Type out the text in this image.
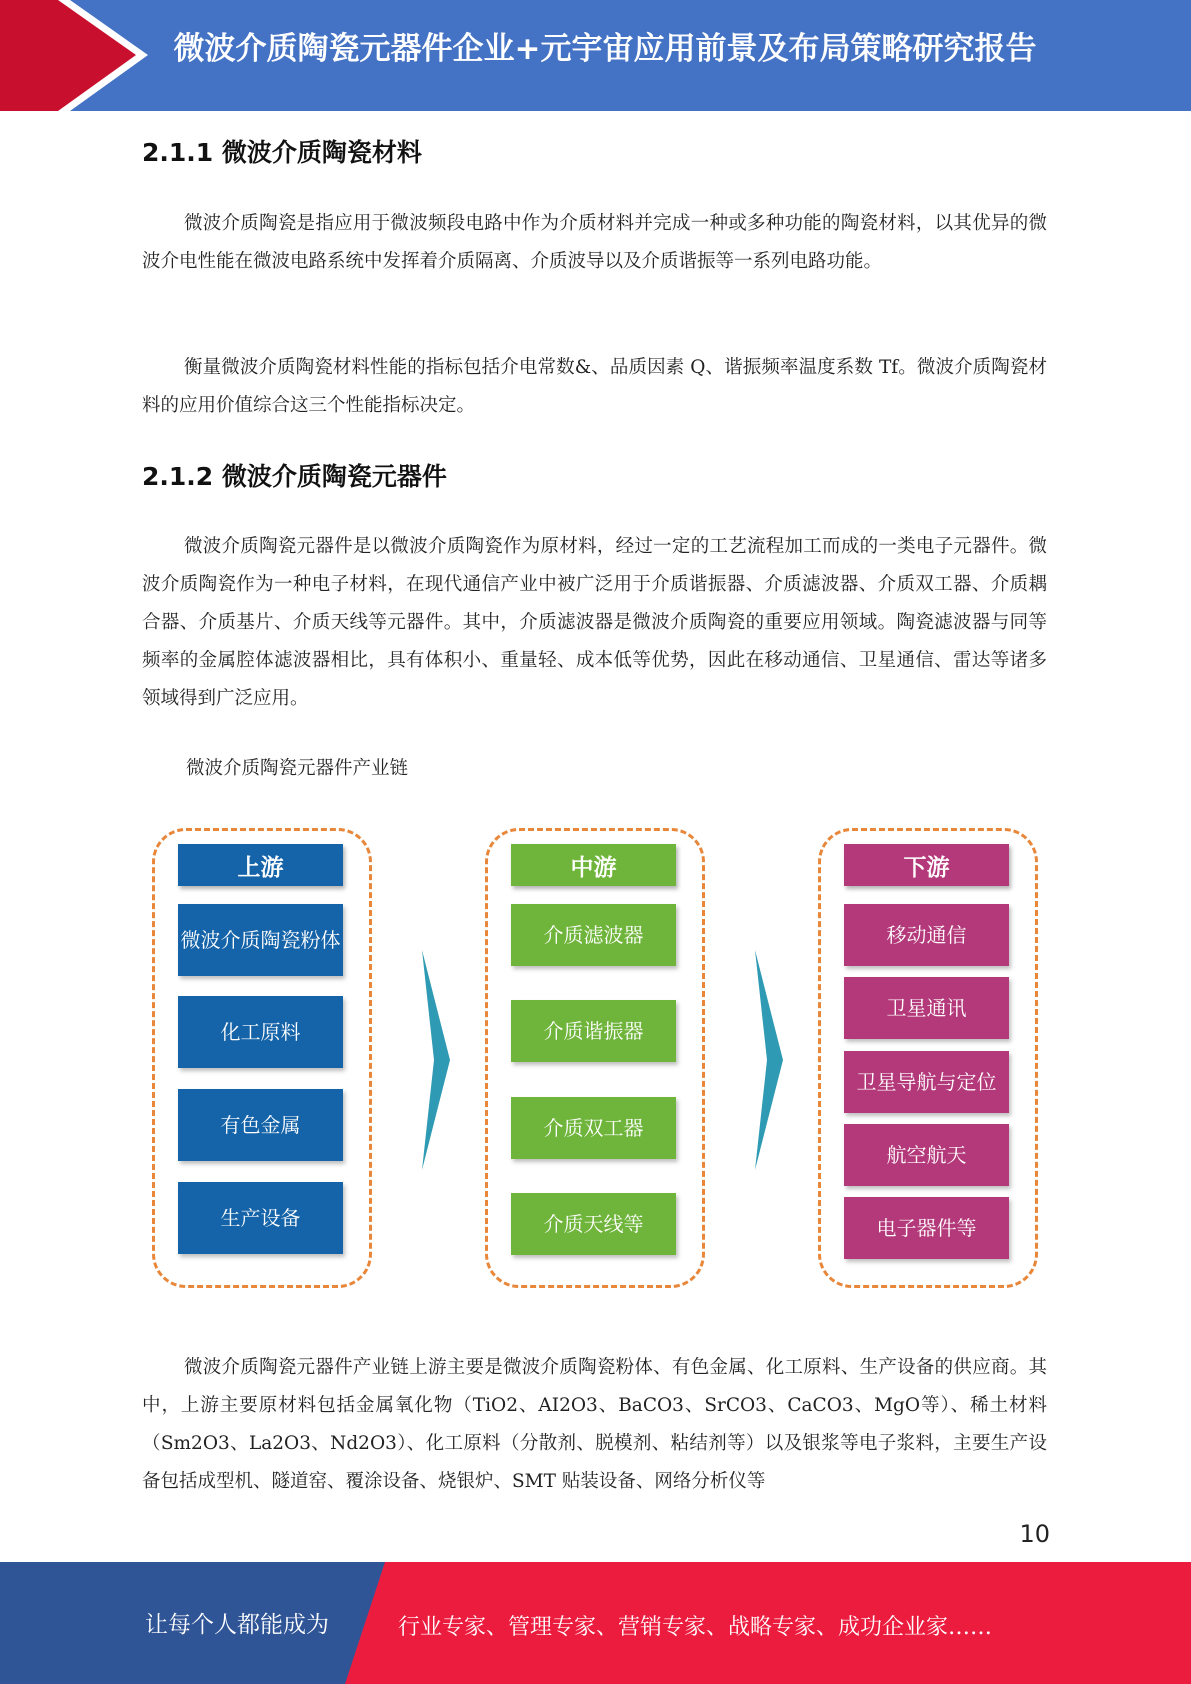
微波介质陶瓷元器件企业+元宇宙应用前景及布局策略研究报告
2.1.1 微波介质陶瓷材料
微波介质陶瓷是指应用于微波频段电路中作为介质材料并完成一种或多种功能的陶瓷材料，以其优异的微波介电性能在微波电路系统中发挥着介质隔离、介质波导以及介质谐振等一系列电路功能。
衡量微波介质陶瓷材料性能的指标包括介电常数&、品质因素 Q、谐振频率温度系数 Tf。微波介质陶瓷材料的应用价值综合这三个性能指标决定。
2.1.2 微波介质陶瓷元器件
微波介质陶瓷元器件是以微波介质陶瓷作为原材料，经过一定的工艺流程加工而成的一类电子元器件。微波介质陶瓷作为一种电子材料，在现代通信产业中被广泛用于介质谐振器、介质滤波器、介质双工器、介质耦合器、介质基片、介质天线等元器件。其中，介质滤波器是微波介质陶瓷的重要应用领域。陶瓷滤波器与同等频率的金属腔体滤波器相比，具有体积小、重量轻、成本低等优势，因此在移动通信、卫星通信、雷达等诸多领域得到广泛应用。
微波介质陶瓷元器件产业链
上游
微波介质陶瓷粉体
化工原料
有色金属
生产设备
中游
介质滤波器
介质谐振器
介质双工器
介质天线等
下游
移动通信
卫星通讯
卫星导航与定位
航空航天
电子器件等
微波介质陶瓷元器件产业链上游主要是微波介质陶瓷粉体、有色金属、化工原料、生产设备的供应商。其中，上游主要原材料包括金属氧化物（TiO2、AI2O3、BaCO3、SrCO3、CaCO3、MgO等）、稀土材料（Sm2O3、La2O3、Nd2O3）、化工原料（分散剂、脱模剂、粘结剂等）以及银浆等电子浆料，主要生产设备包括成型机、隧道窑、覆涂设备、烧银炉、SMT 贴装设备、网络分析仪等
10
让每个人都能成为	行业专家、管理专家、营销专家、战略专家、成功企业家……
